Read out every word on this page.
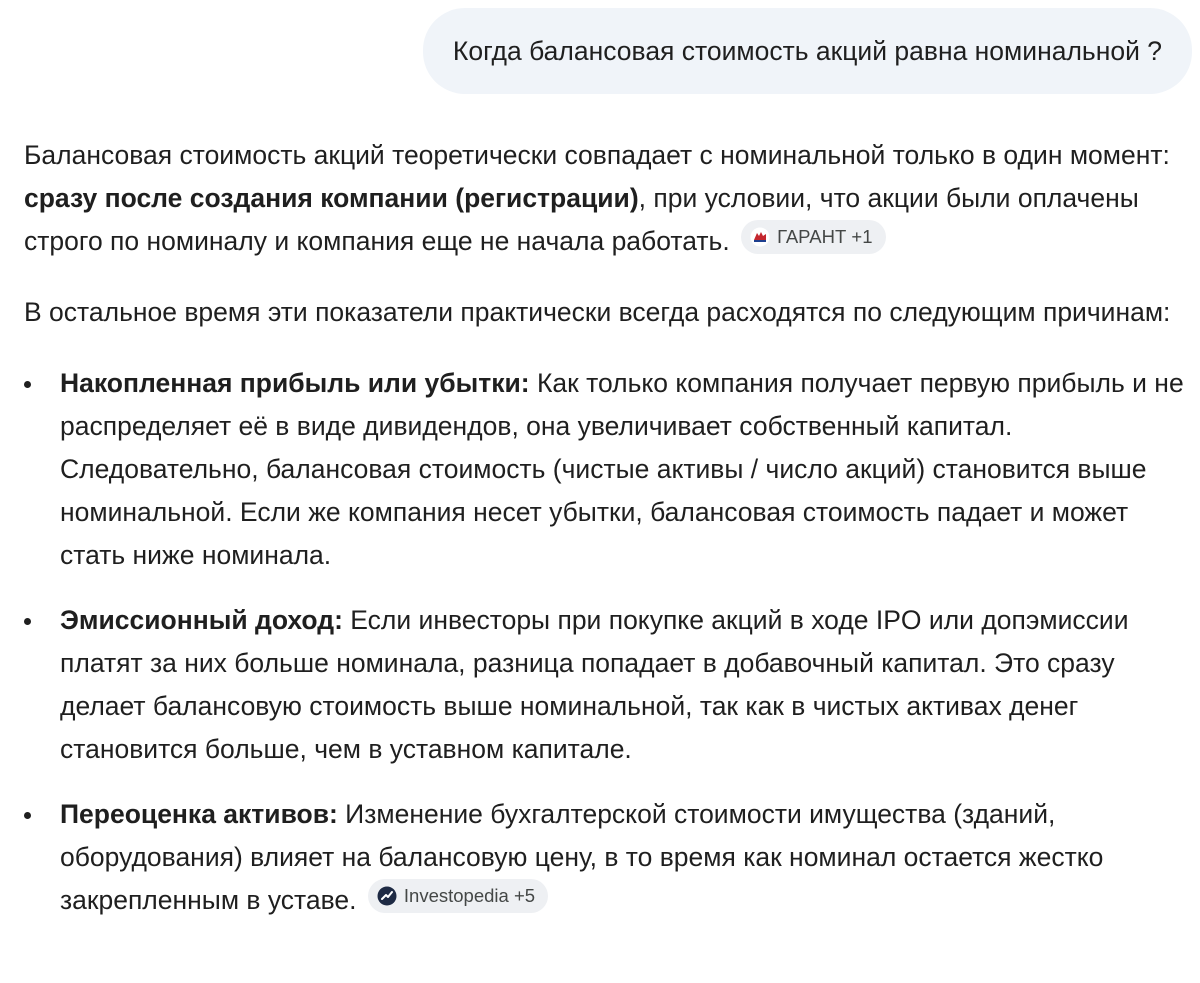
Когда балансовая стоимость акций равна номинальной ?

Балансовая стоимость акций теоретически совпадает с номинальной только в один момент: сразу после создания компании (регистрации), при условии, что акции были оплачены строго по номиналу и компания еще не начала работать.	ГАРАНТ +1

В остальное время эти показатели практически всегда расходятся по следующим причинам:

Накопленная прибыль или убытки: Как только компания получает первую прибыль и не распределяет её в виде дивидендов, она увеличивает собственный капитал. Следовательно, балансовая стоимость (чистые активы / число акций) становится выше номинальной. Если же компания несет убытки, балансовая стоимость падает и может стать ниже номинала.
Эмиссионный доход: Если инвесторы при покупке акций в ходе IPO или допэмиссии платят за них больше номинала, разница попадает в добавочный капитал. Это сразу делает балансовую стоимость выше номинальной, так как в чистых активах денег становится больше, чем в уставном капитале.
Переоценка активов: Изменение бухгалтерской стоимости имущества (зданий, оборудования) влияет на балансовую цену, в то время как номинал остается жестко закрепленным в уставе.	Investopedia +5
